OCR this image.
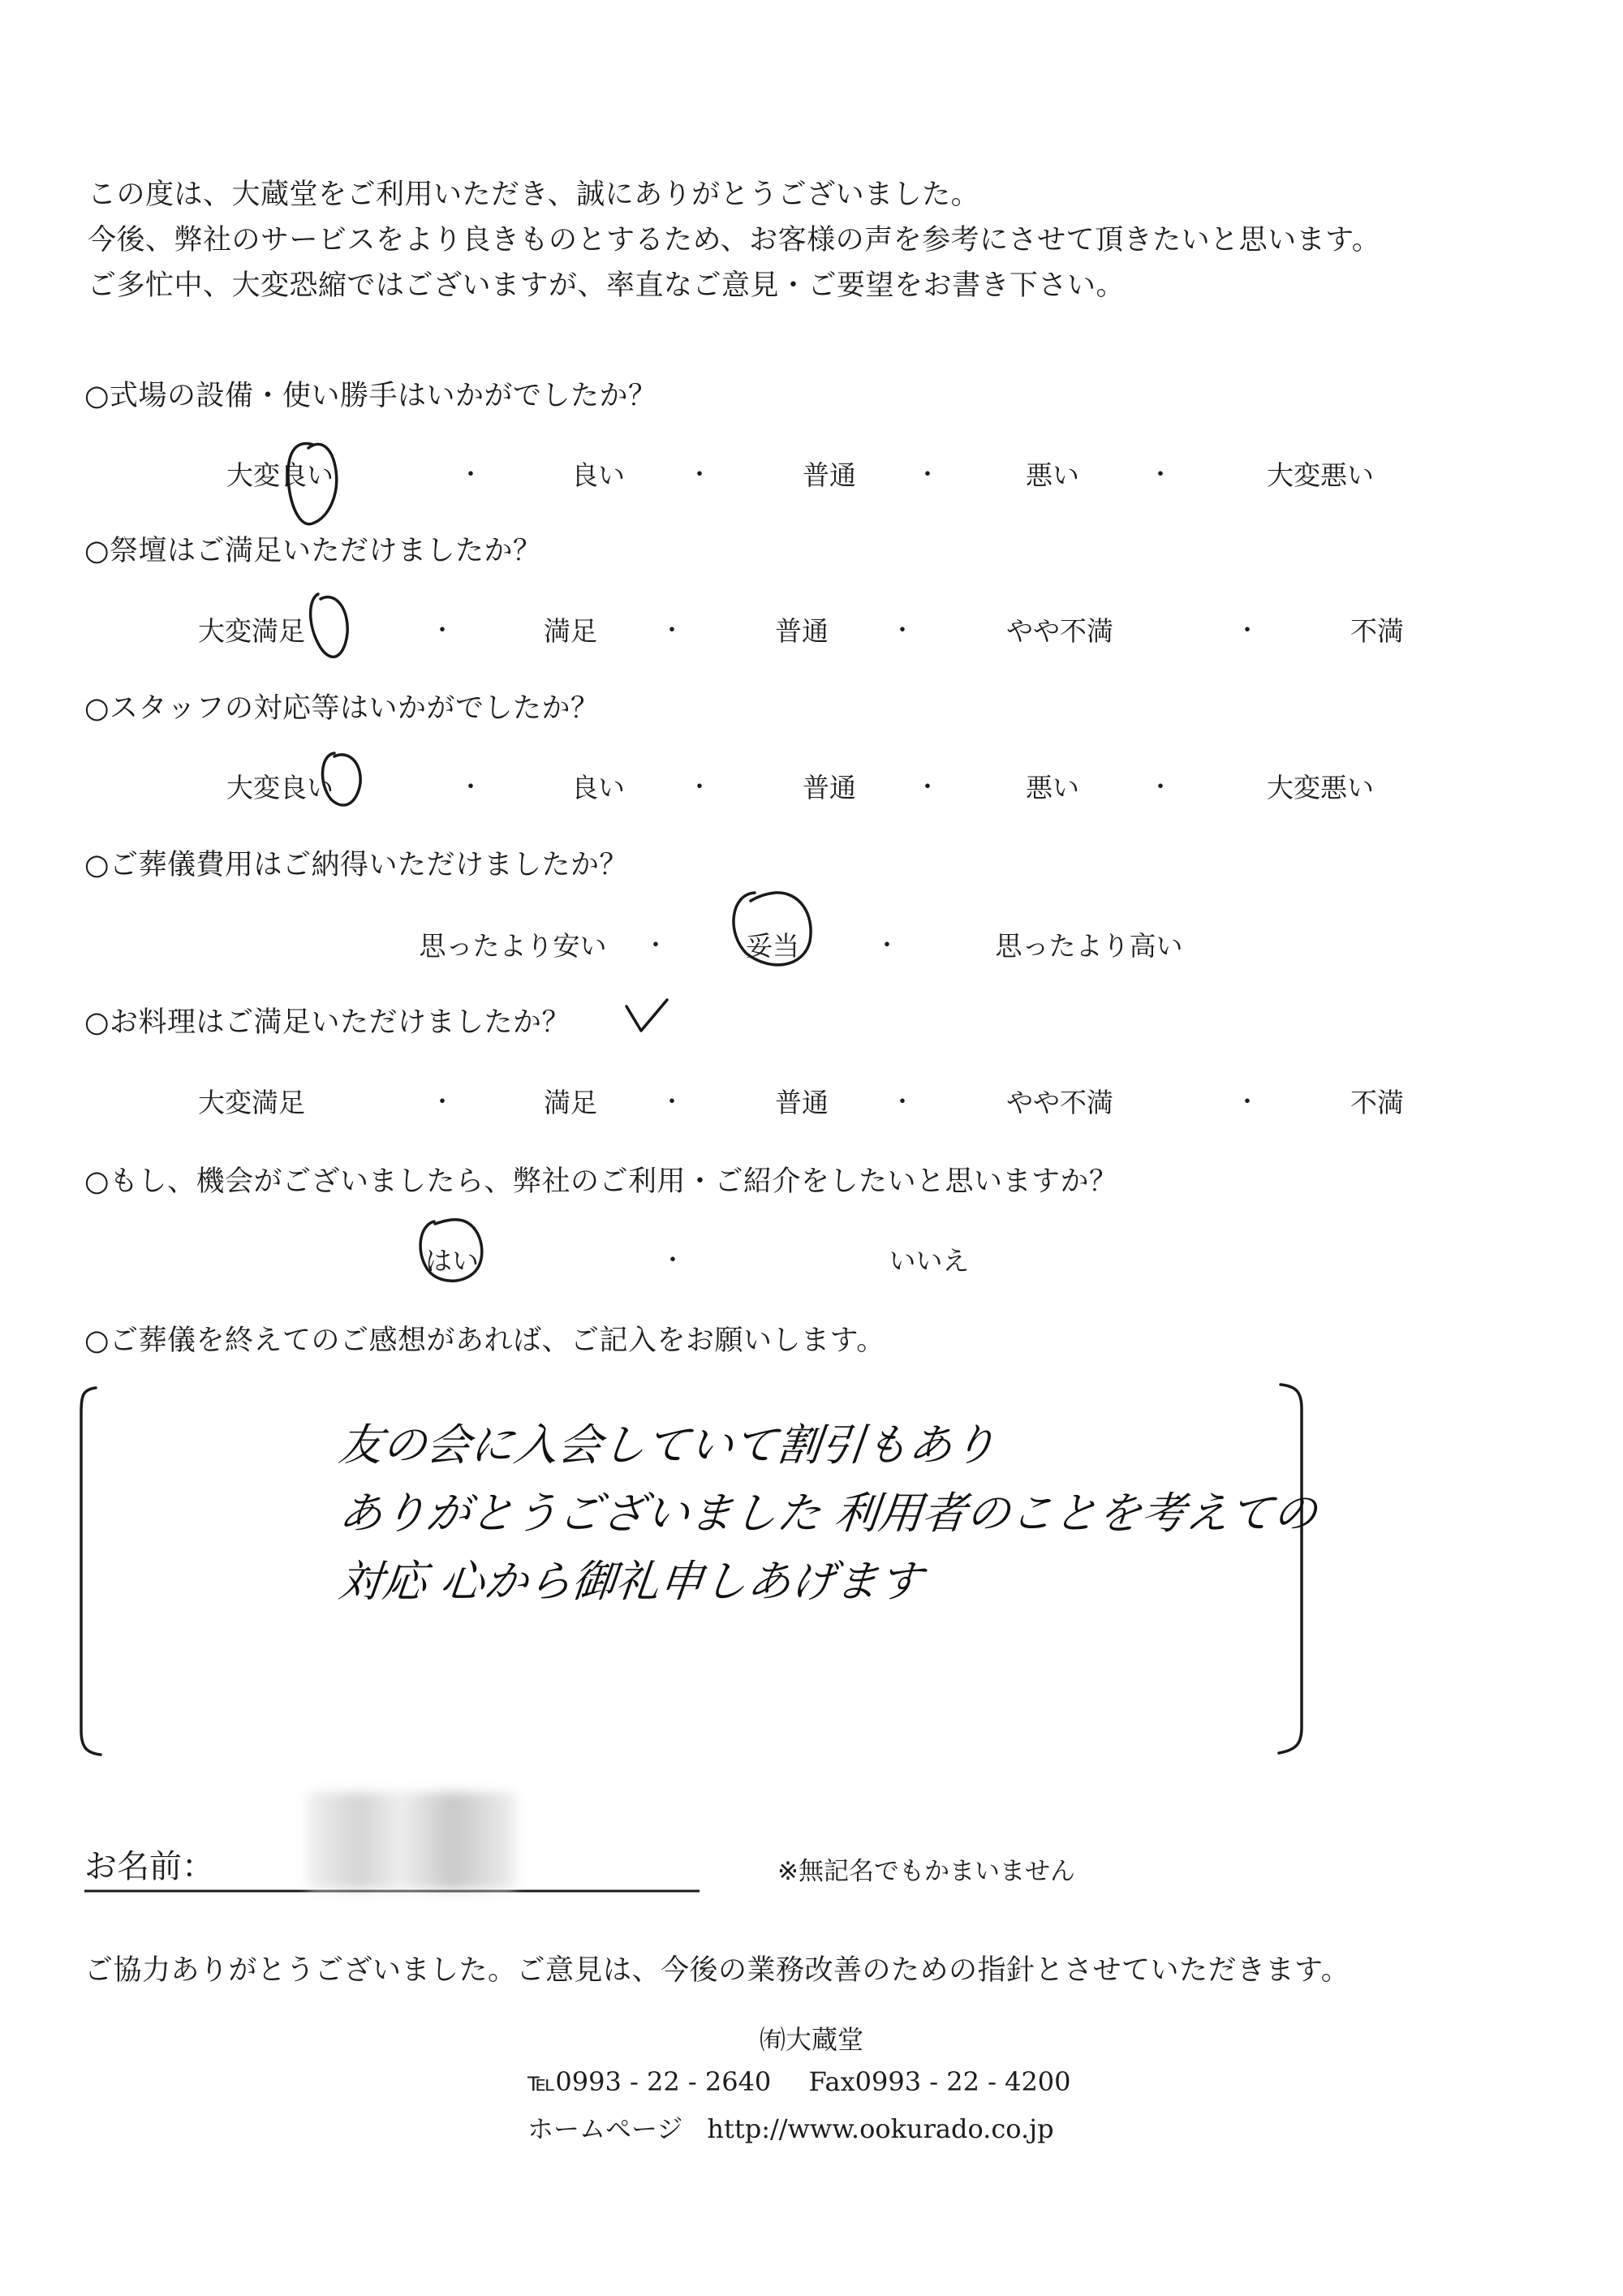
この度は、大蔵堂をご利用いただき、誠にありがとうございました。
今後、弊社のサービスをより良きものとするため、お客様の声を参考にさせて頂きたいと思います。
ご多忙中、大変恐縮ではございますが、率直なご意見・ご要望をお書き下さい。
○式場の設備・使い勝手はいかがでしたか？
大変良い	・	良い	・	普通 ・	悪い	・	大変悪い
○祭壇はご満足いただけましたか？
大変満足	・	満足	・	普通	・	やや不満	・	不満
○スタッフの対応等はいかがでしたか？
大変良い	・	良い	・	普通 ・	悪い	・	大変悪い
○ご葬儀費用はご納得いただけましたか？
思ったより安い ・	妥当	・	思ったより高い
○お料理はご満足いただけましたか？
大変満足	・	満足	・	普通	・	やや不満	・	不満
○もし、機会がございましたら、弊社のご利用・ご紹介をしたいと思いますか？
はい	・	いいえ
○ご葬儀を終えてのご感想があれば、ご記入をお願いします。
友の会に入会していて割引もあり
ありがとうございました 利用者のことを考えての
対応 心から御礼申しあげます
お名前：	※無記名でもかまいません
ご協力ありがとうございました。ご意見は、今後の業務改善のための指針とさせていただきます。
㈲大蔵堂
℡0993 - 22 - 2640 Fax0993 - 22 - 4200
ホームページ http://www.ookurado.co.jp
